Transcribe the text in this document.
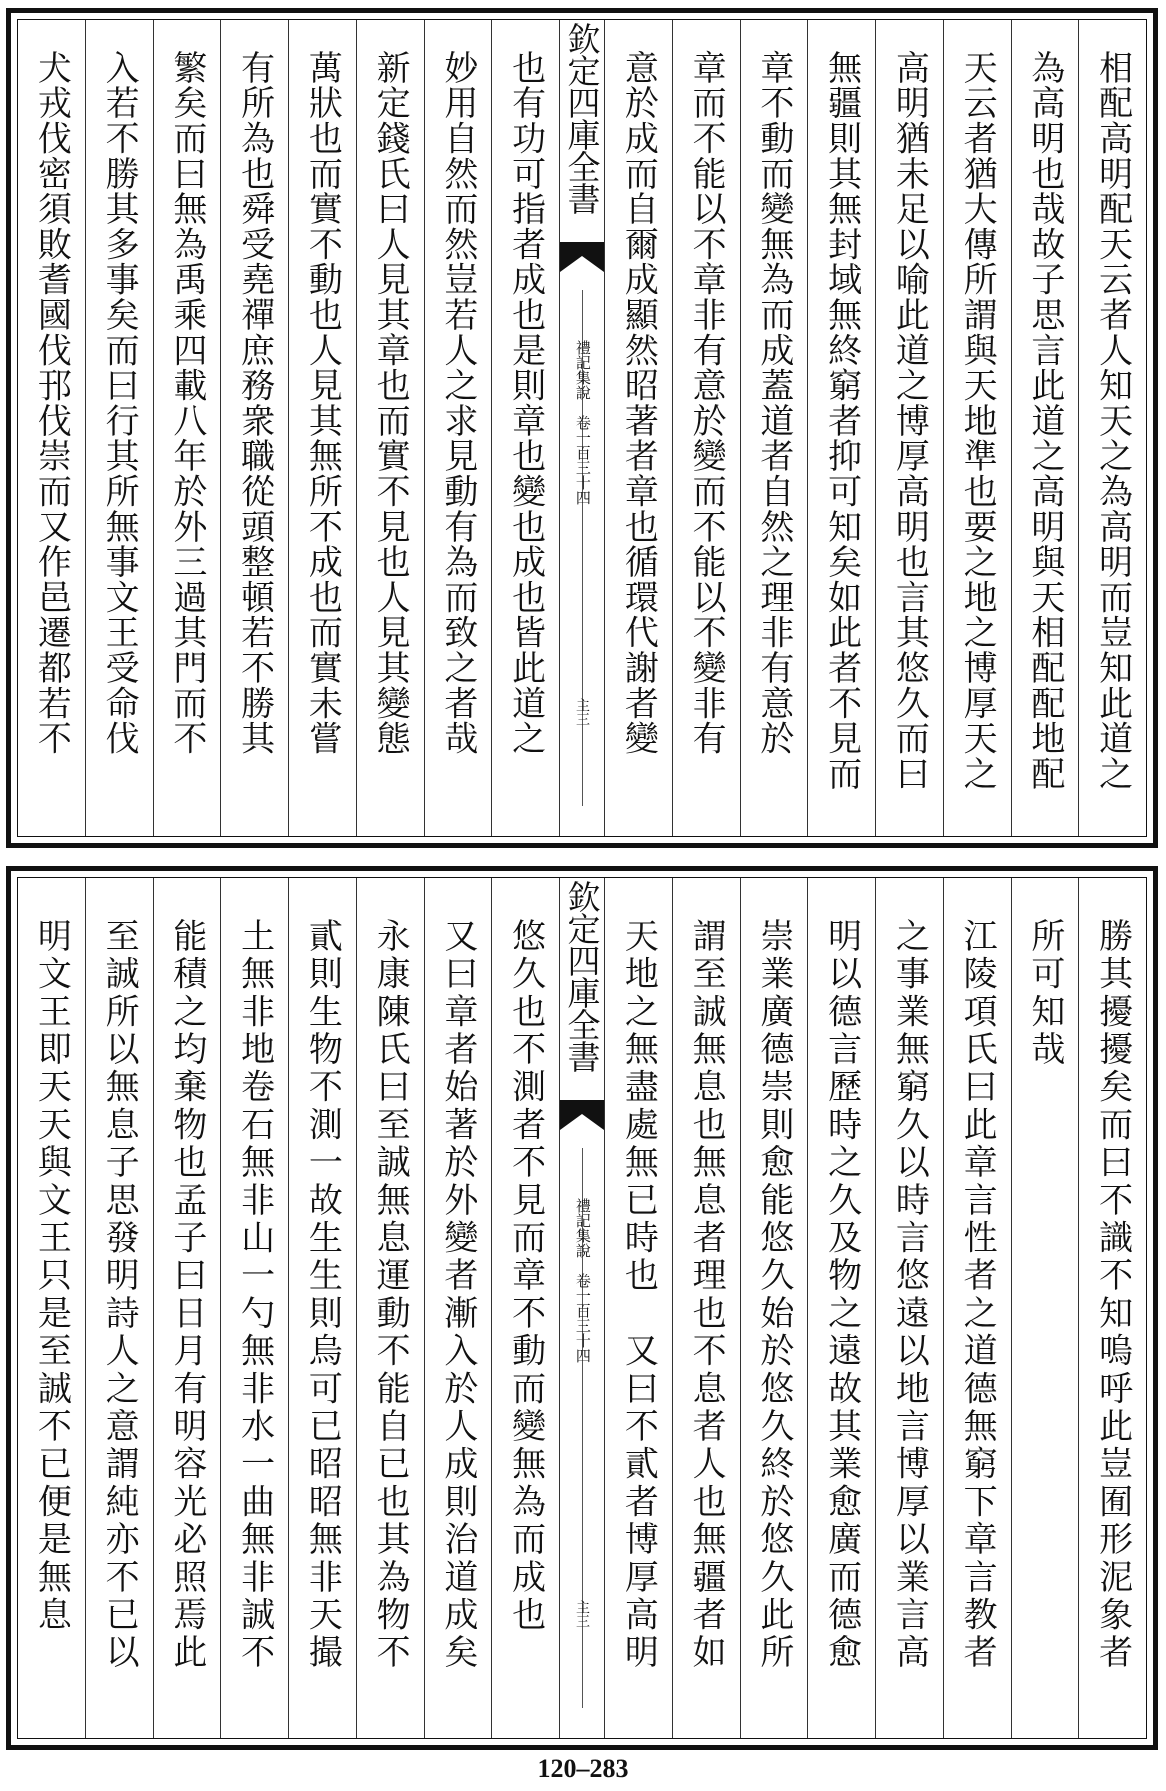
相配高明配天云者人知天之為高明而豈知此道之
為高明也哉故子思言此道之高明與天相配配地配
天云者猶大傳所謂與天地準也要之地之博厚天之
高明猶未足以喻此道之博厚高明也言其悠久而曰
無疆則其無封域無終窮者抑可知矣如此者不見而
章不動而變無為而成蓋道者自然之理非有意於
章而不能以不章非有意於變而不能以不變非有
意於成而自爾成顯然昭著者章也循環代謝者變
欽定四庫全書
禮記集說　卷一百三十四
主三
也有功可指者成也是則章也變也成也皆此道之
妙用自然而然豈若人之求見動有為而致之者哉
新定錢氏曰人見其章也而實不見也人見其變態
萬狀也而實不動也人見其無所不成也而實未嘗
有所為也舜受堯禪庶務衆職從頭整頓若不勝其
繁矣而曰無為禹乘四載八年於外三過其門而不
入若不勝其多事矣而曰行其所無事文王受命伐
犬戎伐密須敗耆國伐邘伐崇而又作邑遷都若不
勝其擾擾矣而曰不識不知嗚呼此豈囿形泥象者
所可知哉
江陵項氏曰此章言性者之道德無窮下章言教者
之事業無窮久以時言悠遠以地言博厚以業言高
明以德言歷時之久及物之遠故其業愈廣而德愈
崇業廣德崇則愈能悠久始於悠久終於悠久此所
謂至誠無息也無息者理也不息者人也無疆者如
天地之無盡處無已時也　又曰不貳者博厚高明
欽定四庫全書
禮記集說　卷一百三十四
主三
悠久也不測者不見而章不動而變無為而成也
又曰章者始著於外變者漸入於人成則治道成矣
永康陳氏曰至誠無息運動不能自已也其為物不
貳則生物不測一故生生則烏可已昭昭無非天撮
土無非地卷石無非山一勺無非水一曲無非誠不
能積之均棄物也孟子曰日月有明容光必照焉此
至誠所以無息子思發明詩人之意謂純亦不已以
明文王即天天與文王只是至誠不已便是無息
120–283
